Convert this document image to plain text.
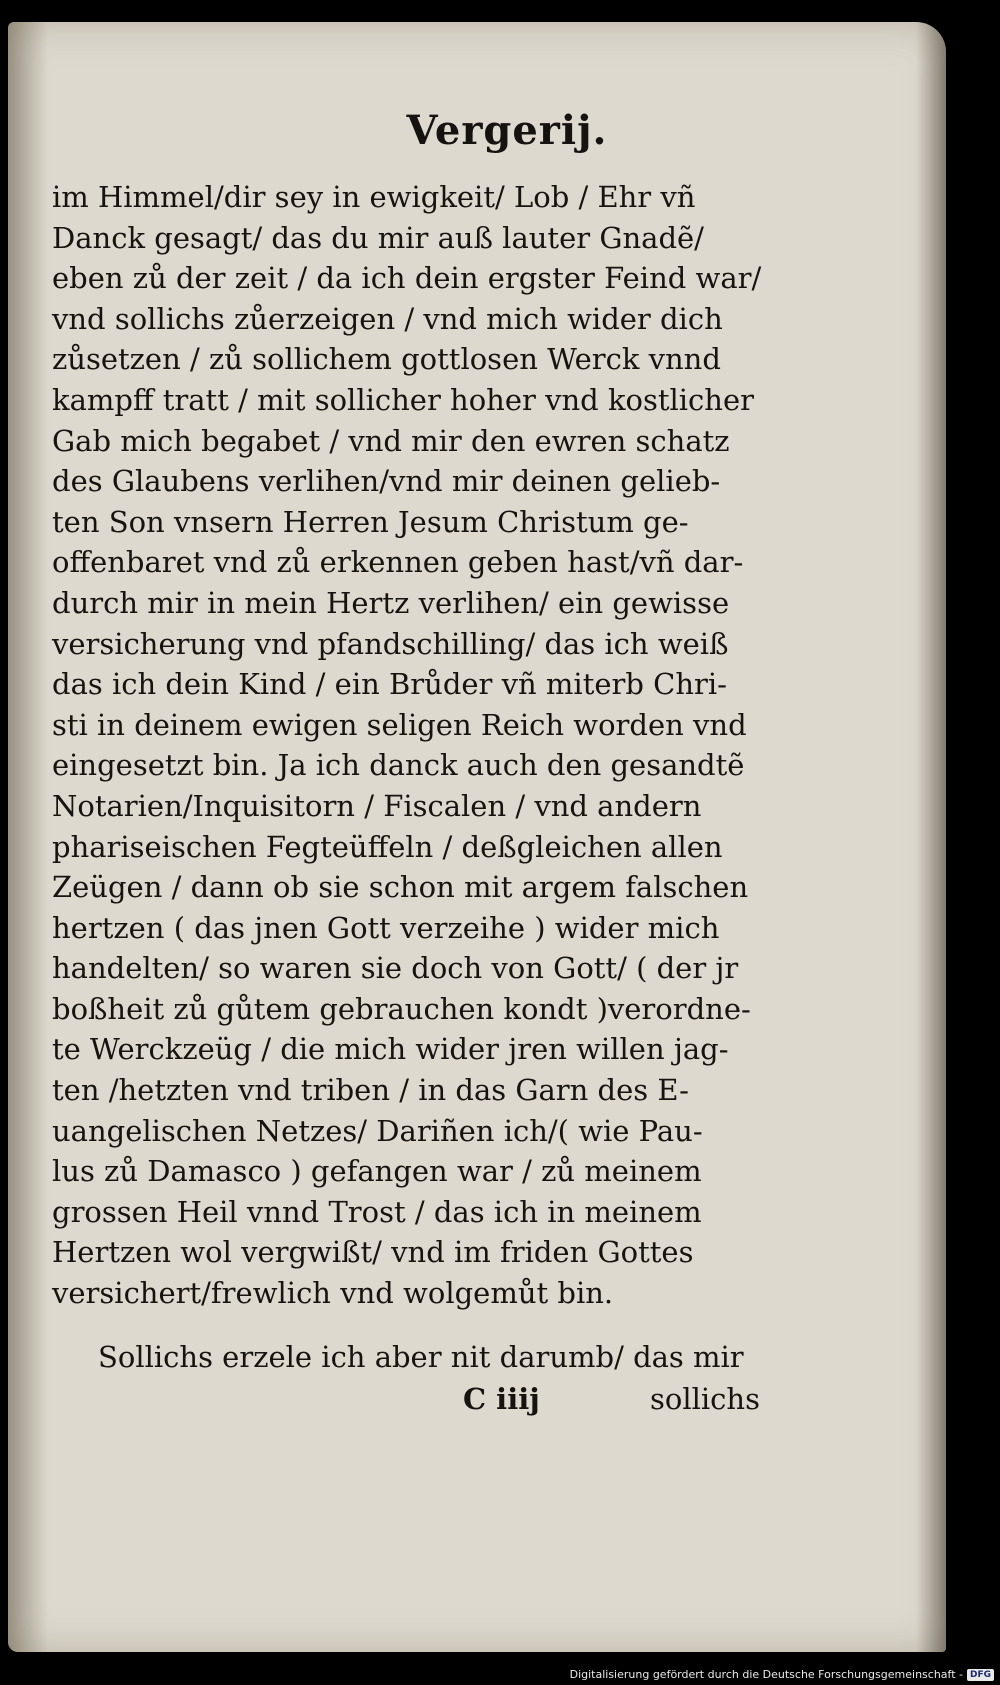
Vergerij.
im Himmel/dir sey in ewigkeit/ Lob / Ehr vñ
Danck gesagt/ das du mir auß lauter Gnadẽ/
eben zů der zeit / da ich dein ergster Feind war/
vnd sollichs zůerzeigen / vnd mich wider dich
zůsetzen / zů sollichem gottlosen Werck vnnd
kampff tratt / mit sollicher hoher vnd kostlicher
Gab mich begabet / vnd mir den ewren schatz
des Glaubens verlihen/vnd mir deinen gelieb-
ten Son vnsern Herren Jesum Christum ge-
offenbaret vnd zů erkennen geben hast/vñ dar-
durch mir in mein Hertz verlihen/ ein gewisse
versicherung vnd pfandschilling/ das ich weiß
das ich dein Kind / ein Brůder vñ miterb Chri-
sti in deinem ewigen seligen Reich worden vnd
eingesetzt bin. Ja ich danck auch den gesandtẽ
Notarien/Inquisitorn / Fiscalen / vnd andern
phariseischen Fegteüffeln / deßgleichen allen
Zeügen / dann ob sie schon mit argem falschen
hertzen ( das jnen Gott verzeihe ) wider mich
handelten/ so waren sie doch von Gott/ ( der jr
boßheit zů gůtem gebrauchen kondt )verordne-
te Werckzeüg / die mich wider jren willen jag-
ten /hetzten vnd triben / in das Garn des E-
uangelischen Netzes/ Dariñen ich/( wie Pau-
lus zů Damasco ) gefangen war / zů meinem
grossen Heil vnnd Trost / das ich in meinem
Hertzen wol vergwißt/ vnd im friden Gottes
versichert/frewlich vnd wolgemůt bin.
Sollichs erzele ich aber nit darumb/ das mir
C iiij	sollichs
Digitalisierung gefördert durch die Deutsche Forschungsgemeinschaft - DFG
